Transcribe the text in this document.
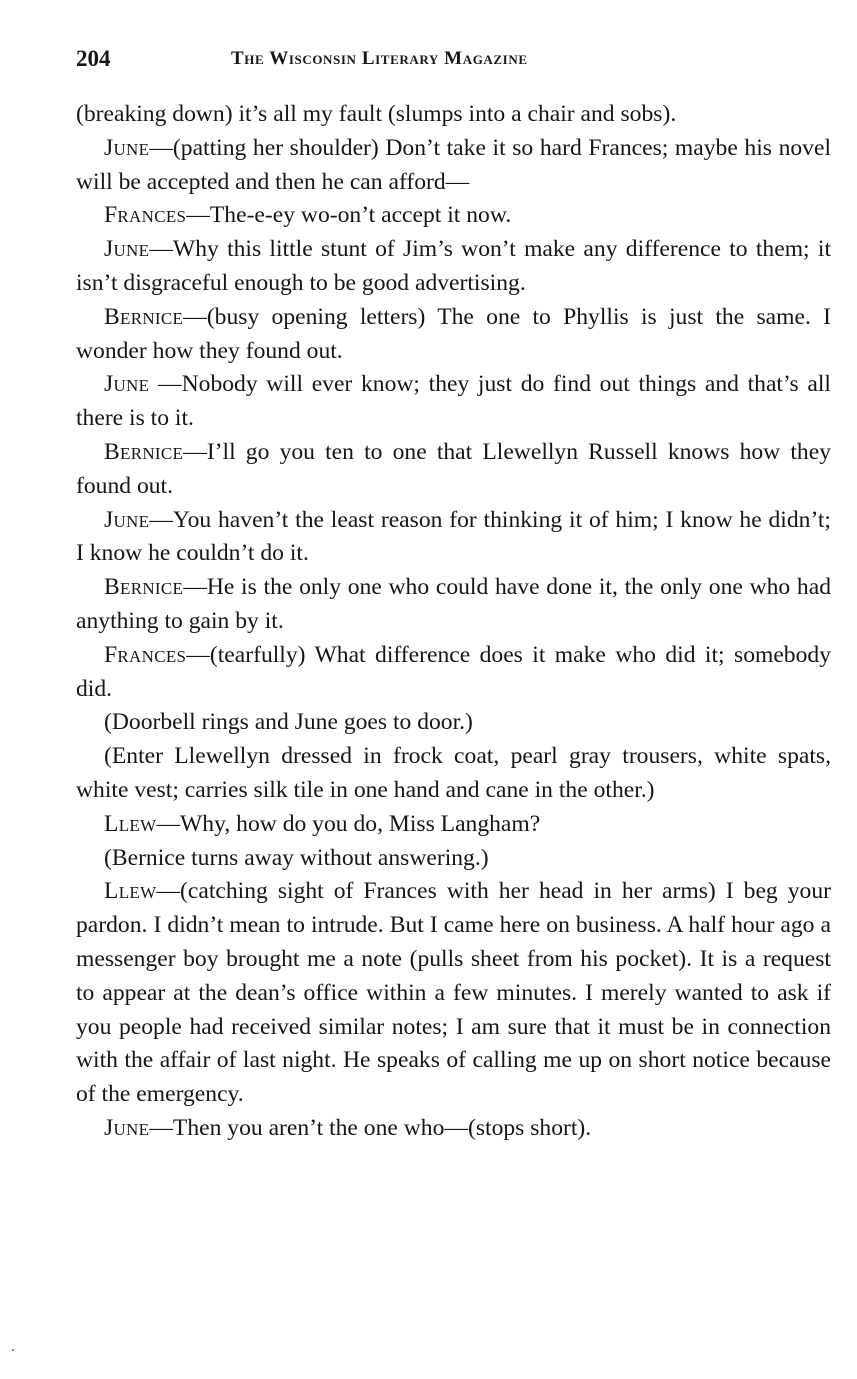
204	The Wisconsin Literary Magazine

(breaking down) it’s all my fault (slumps into a chair and sobs).

June—(patting her shoulder) Don’t take it so hard Frances; maybe his novel will be accepted and then he can afford—

Frances—The-e-ey wo-on’t accept it now.

June—Why this little stunt of Jim’s won’t make any difference to them; it isn’t disgraceful enough to be good advertising.

Bernice—(busy opening letters) The one to Phyllis is just the same. I wonder how they found out.

June —Nobody will ever know; they just do find out things and that’s all there is to it.

Bernice—I’ll go you ten to one that Llewellyn Russell knows how they found out.

June—You haven’t the least reason for thinking it of him; I know he didn’t; I know he couldn’t do it.

Bernice—He is the only one who could have done it, the only one who had anything to gain by it.

Frances—(tearfully) What difference does it make who did it; somebody did.

(Doorbell rings and June goes to door.)

(Enter Llewellyn dressed in frock coat, pearl gray trousers, white spats, white vest; carries silk tile in one hand and cane in the other.)

Llew—Why, how do you do, Miss Langham?

(Bernice turns away without answering.)

Llew—(catching sight of Frances with her head in her arms) I beg your pardon. I didn’t mean to intrude. But I came here on business. A half hour ago a messenger boy brought me a note (pulls sheet from his pocket). It is a request to appear at the dean’s office within a few minutes. I merely wanted to ask if you people had received similar notes; I am sure that it must be in connection with the affair of last night. He speaks of calling me up on short notice because of the emergency.

June—Then you aren’t the one who—(stops short).
